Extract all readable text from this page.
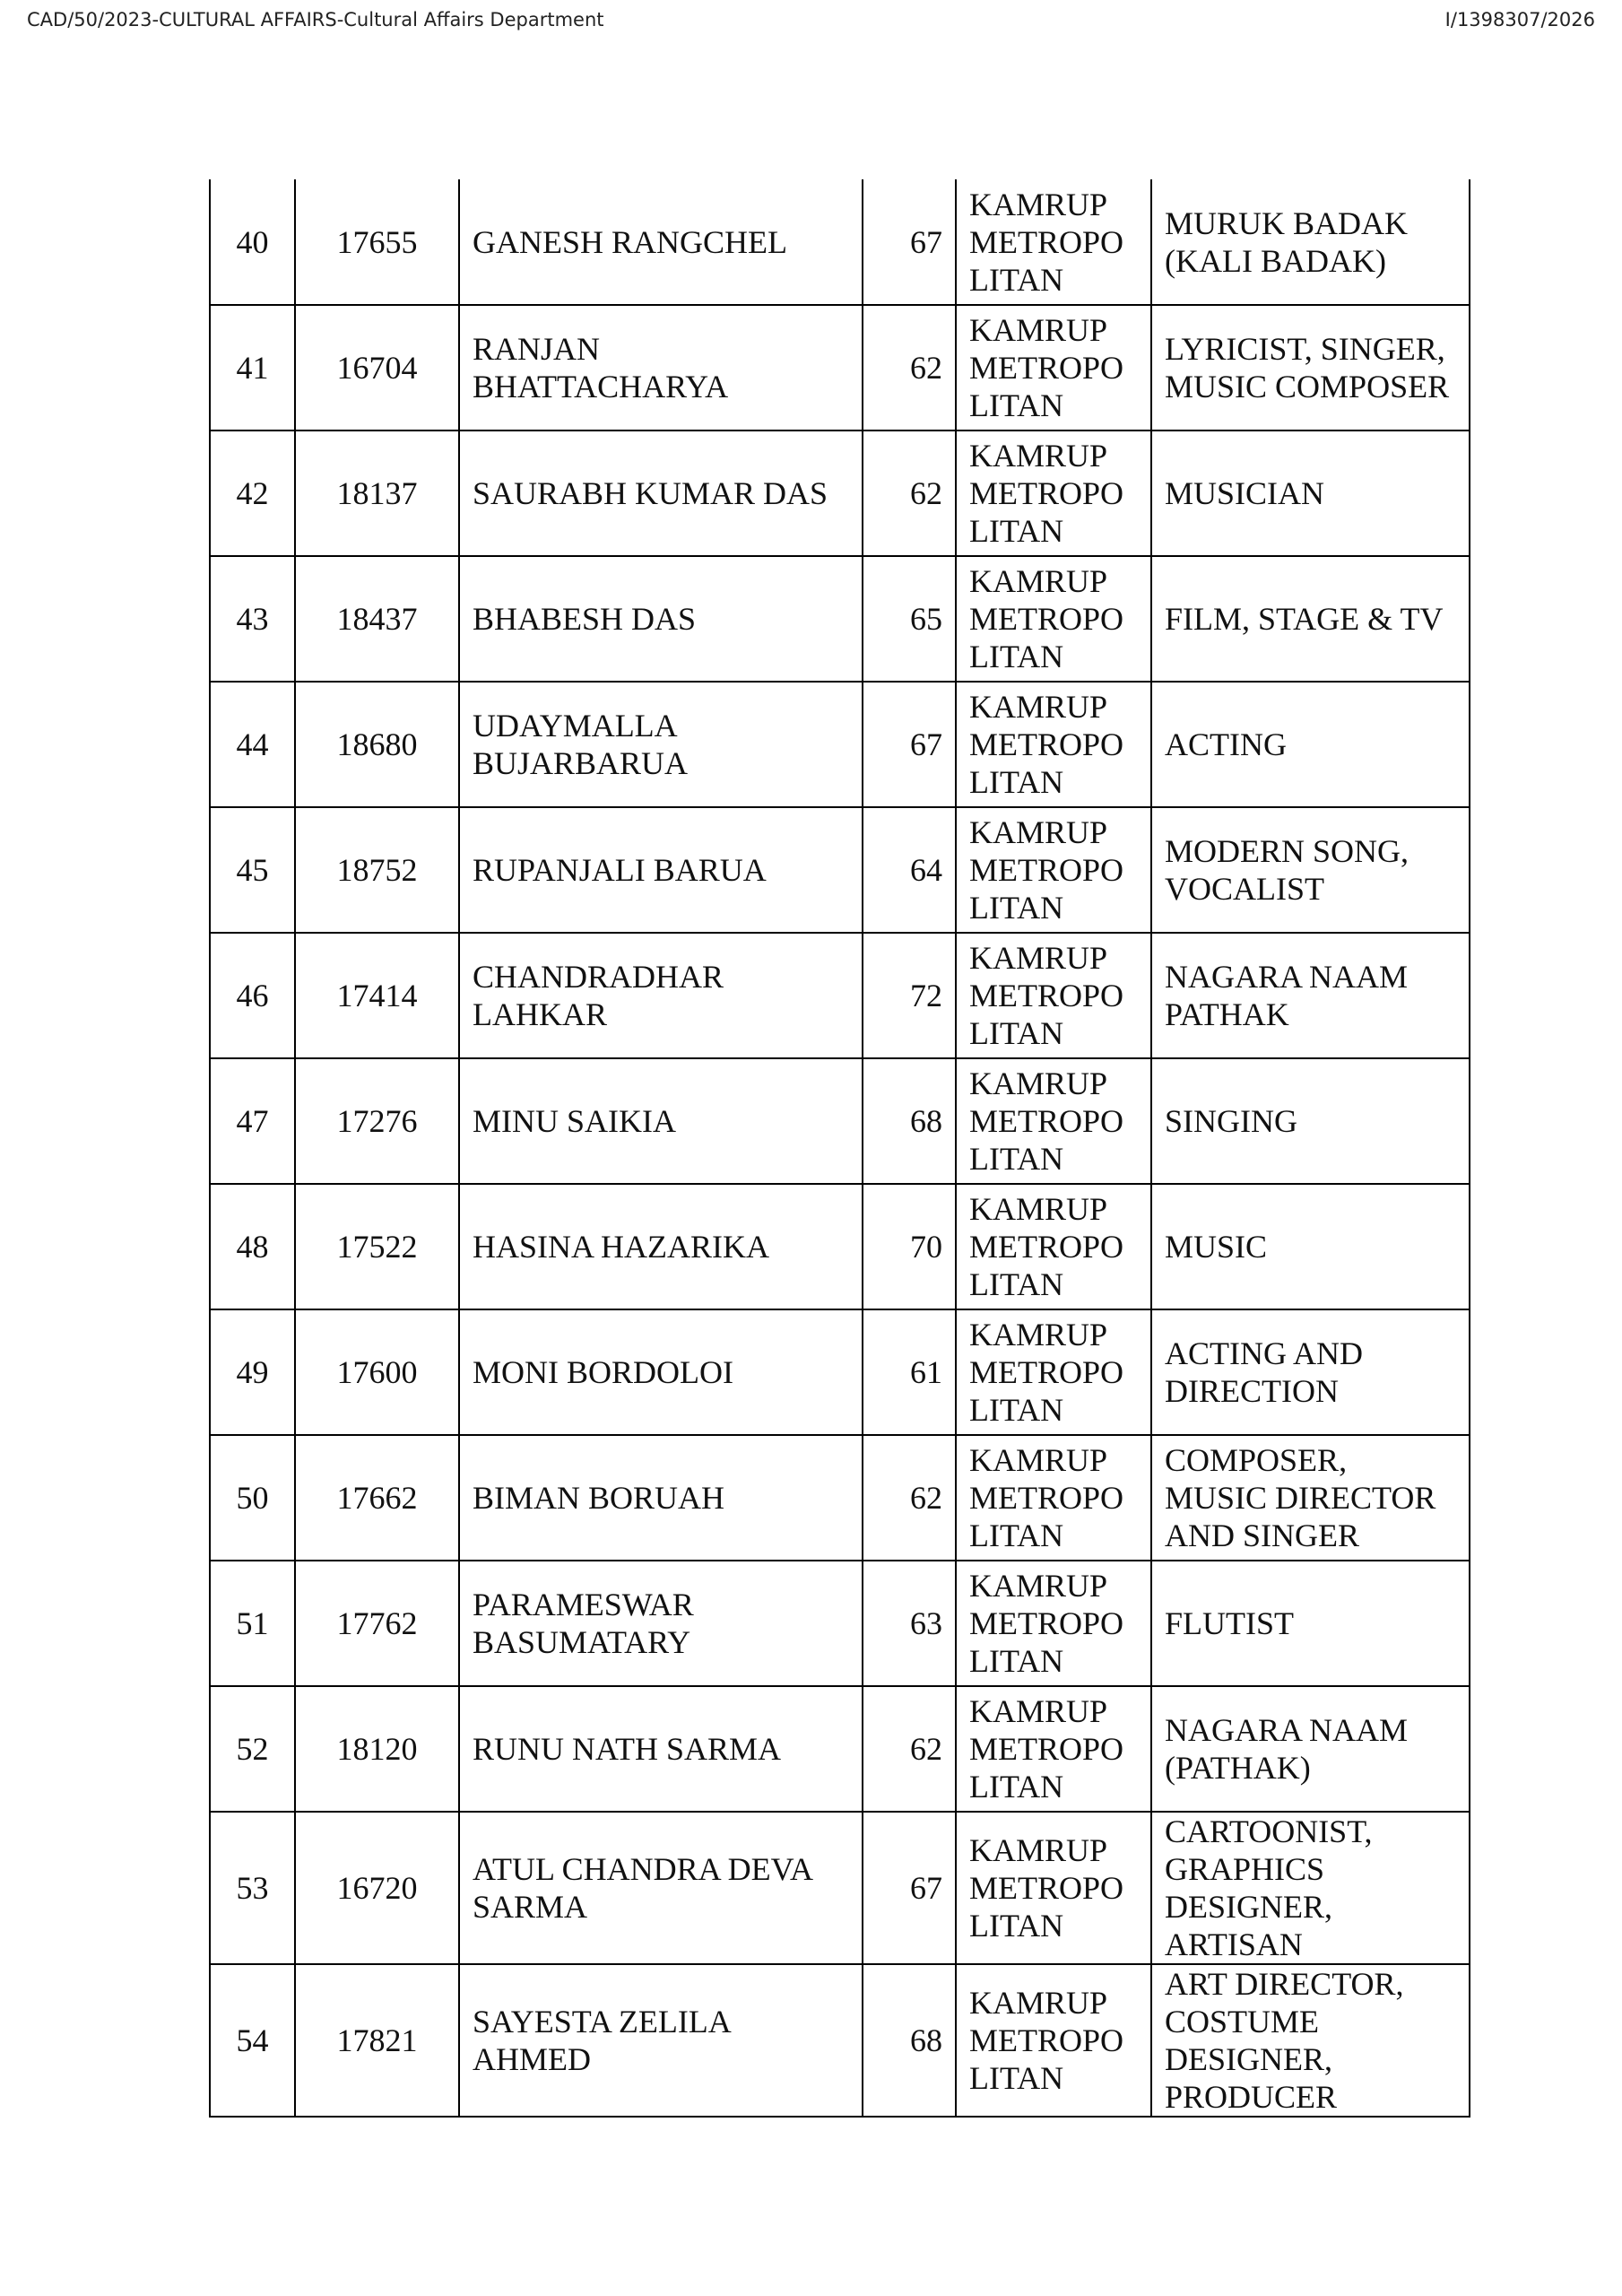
CAD/50/2023-CULTURAL AFFAIRS-Cultural Affairs Department	I/1398307/2026
40	17655	GANESH RANGCHEL	67	KAMRUP
METROPO
LITAN	MURUK BADAK
(KALI BADAK)
41	16704	RANJAN
BHATTACHARYA	62	KAMRUP
METROPO
LITAN	LYRICIST, SINGER,
MUSIC COMPOSER
42	18137	SAURABH KUMAR DAS	62	KAMRUP
METROPO
LITAN	MUSICIAN
43	18437	BHABESH DAS	65	KAMRUP
METROPO
LITAN	FILM, STAGE & TV
44	18680	UDAYMALLA
BUJARBARUA	67	KAMRUP
METROPO
LITAN	ACTING
45	18752	RUPANJALI BARUA	64	KAMRUP
METROPO
LITAN	MODERN SONG,
VOCALIST
46	17414	CHANDRADHAR
LAHKAR	72	KAMRUP
METROPO
LITAN	NAGARA NAAM
PATHAK
47	17276	MINU SAIKIA	68	KAMRUP
METROPO
LITAN	SINGING
48	17522	HASINA HAZARIKA	70	KAMRUP
METROPO
LITAN	MUSIC
49	17600	MONI BORDOLOI	61	KAMRUP
METROPO
LITAN	ACTING AND
DIRECTION
50	17662	BIMAN BORUAH	62	KAMRUP
METROPO
LITAN	COMPOSER,
MUSIC DIRECTOR
AND SINGER
51	17762	PARAMESWAR
BASUMATARY	63	KAMRUP
METROPO
LITAN	FLUTIST
52	18120	RUNU NATH SARMA	62	KAMRUP
METROPO
LITAN	NAGARA NAAM
(PATHAK)
53	16720	ATUL CHANDRA DEVA
SARMA	67	KAMRUP
METROPO
LITAN	CARTOONIST,
GRAPHICS
DESIGNER,
ARTISAN
54	17821	SAYESTA ZELILA
AHMED	68	KAMRUP
METROPO
LITAN	ART DIRECTOR,
COSTUME
DESIGNER,
PRODUCER
